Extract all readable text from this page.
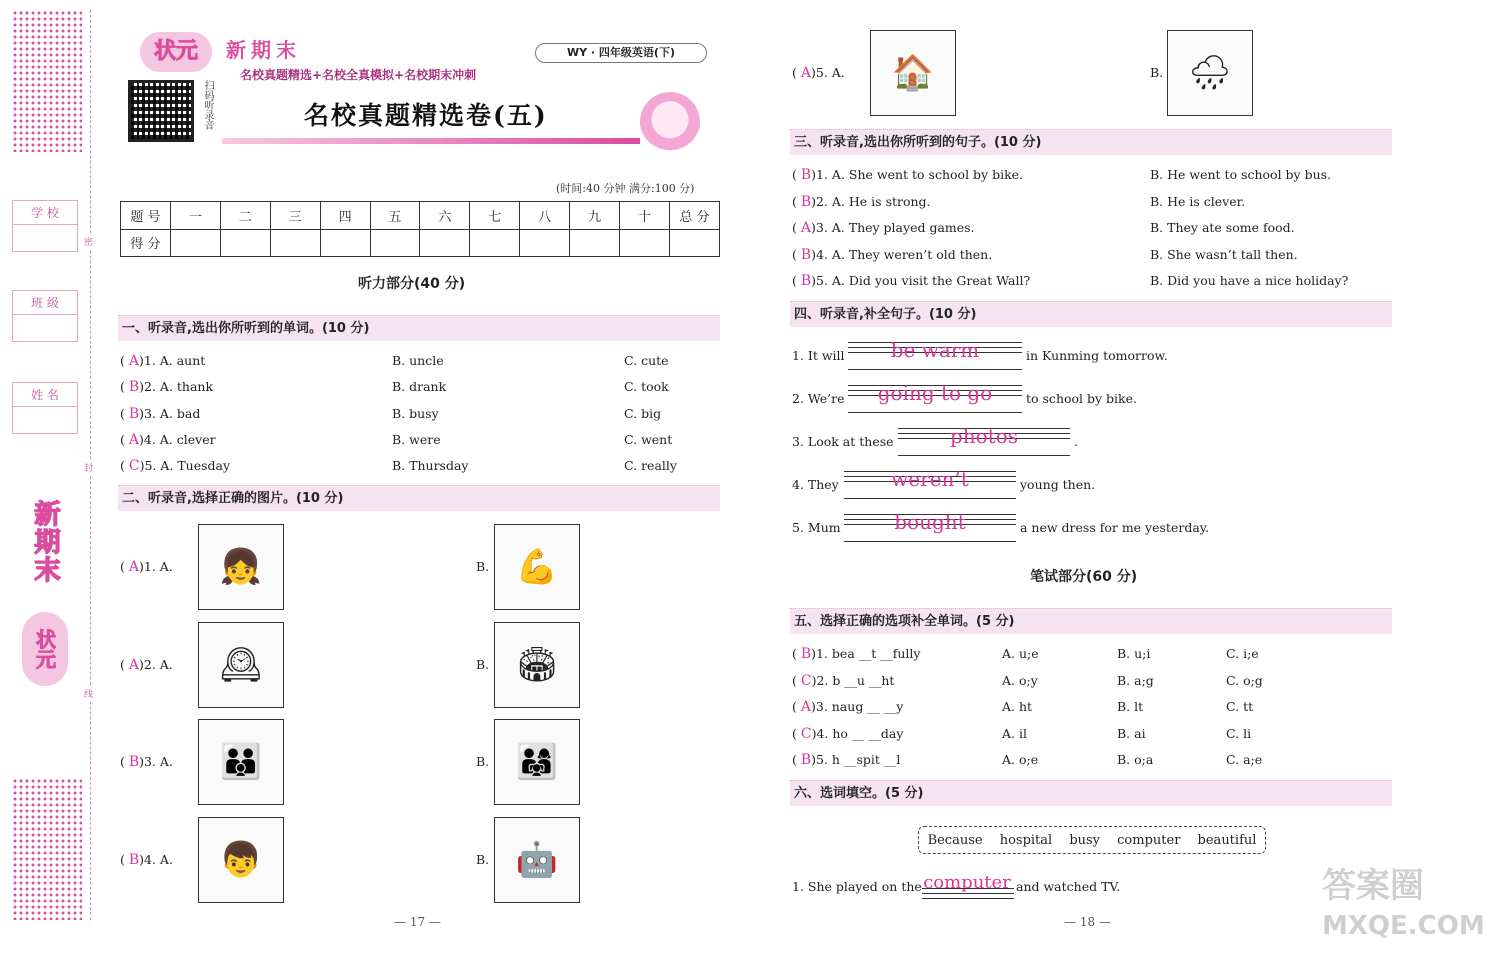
学 校
班 级
姓 名
密
封
线
新期末
状元
状元	新期末
名校真题精选+名校全真模拟+名校期末冲刺
WY · 四年级英语(下)
扫码听录音	名校真题精选卷(五)
(时间:40 分钟 满分:100 分)
题 号	一	二	三	四	五	六	七	八	九	十	总 分
得 分											
听力部分(40 分)
一、听录音,选出你所听到的单词。(10 分)
( A)1. A. aunt	B. uncle	C. cute
( B)2. A. thank	B. drank	C. took
( B)3. A. bad	B. busy	C. big
( A)4. A. clever	B. were	C. went
( C)5. A. Tuesday	B. Thursday	C. really
二、听录音,选择正确的图片。(10 分)
( A)1. A.	👧	B. 💪
( A)2. A.	🕰	B. 🏟
( B)3. A.	👪	B. 👨‍👩‍👧
( B)4. A.	👦	B. 🤖
( A)5. A.	🏠	B. 🌧
三、听录音,选出你所听到的句子。(10 分)
( B)1. A. She went to school by bike.	B. He went to school by bus.
( B)2. A. He is strong.	B. He is clever.
( A)3. A. They played games.	B. They ate some food.
( B)4. A. They weren’t old then.	B. She wasn’t tall then.
( B)5. A. Did you visit the Great Wall?	B. Did you have a nice holiday?
四、听录音,补全句子。(10 分)
1. It will	be warm	in Kunming tomorrow.
2. We’re	going to go	to school by bike.
3. Look at these	photos	.
4. They	weren’t	young then.
5. Mum	bought	a new dress for me yesterday.
笔试部分(60 分)
五、选择正确的选项补全单词。(5 分)
( B)1. bea __t __fully	A. u;e	B. u;i	C. i;e
( C)2. b __u __ht	A. o;y	B. a;g	C. o;g
( A)3. naug __ __y	A. ht	B. lt	C. tt
( C)4. ho __ __day	A. il	B. ai	C. li
( B)5. h __spit __l	A. o;e	B. o;a	C. a;e
六、选词填空。(5 分)
Because hospital busy computer beautiful
1. She played on the computer and watched TV.
— 17 —	— 18 —
答案圈
MXQE.COM
